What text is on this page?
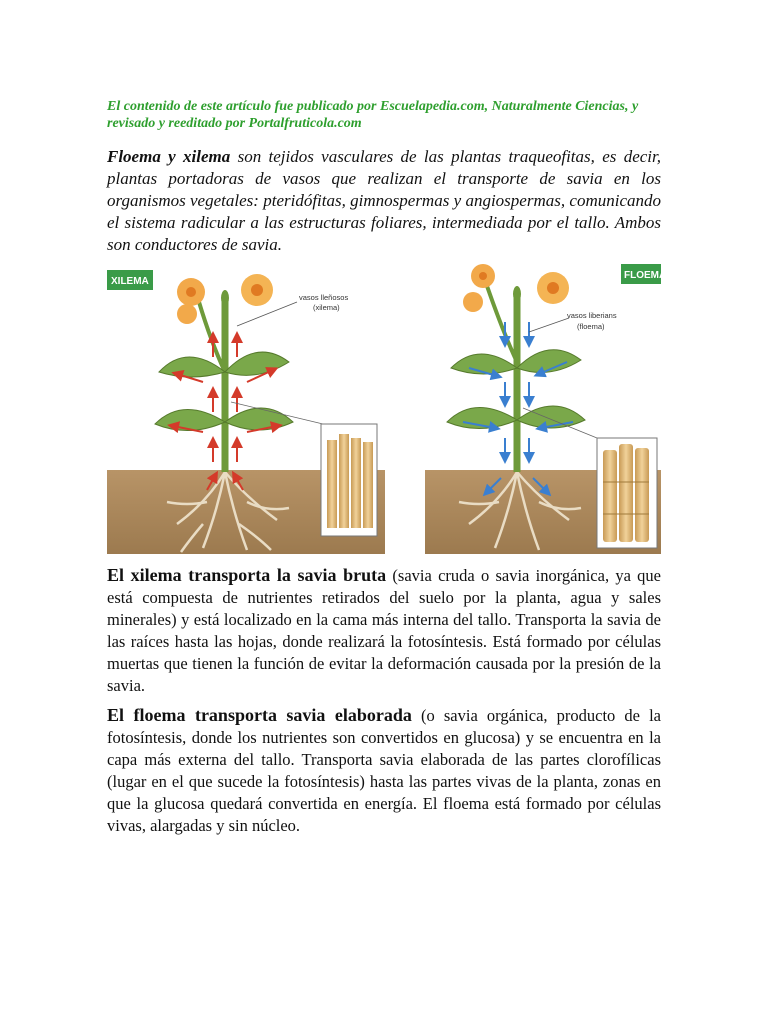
El contenido de este artículo fue publicado por Escuelapedia.com, Naturalmente Ciencias, y revisado y reeditado por Portalfruticola.com
Floema y xilema son tejidos vasculares de las plantas traqueofitas, es decir, plantas portadoras de vasos que realizan el transporte de savia en los organismos vegetales: pteridófitas, gimnospermas y angiospermas, comunicando el sistema radicular a las estructuras foliares, intermediada por el tallo. Ambos son conductores de savia.
XILEMA
vasos lleñosos
(xilema)
FLOEMA
vasos liberians
(floema)
El xilema transporta la savia bruta (savia cruda o savia inorgánica, ya que está compuesta de nutrientes retirados del suelo por la planta, agua y sales minerales) y está localizado en la cama más interna del tallo. Transporta la savia de las raíces hasta las hojas, donde realizará la fotosíntesis. Está formado por células muertas que tienen la función de evitar la deformación causada por la presión de la savia.
El floema transporta savia elaborada (o savia orgánica, producto de la fotosíntesis, donde los nutrientes son convertidos en glucosa) y se encuentra en la capa más externa del tallo. Transporta savia elaborada de las partes clorofílicas (lugar en el que sucede la fotosíntesis) hasta las partes vivas de la planta, zonas en que la glucosa quedará convertida en energía. El floema está formado por células vivas, alargadas y sin núcleo.
